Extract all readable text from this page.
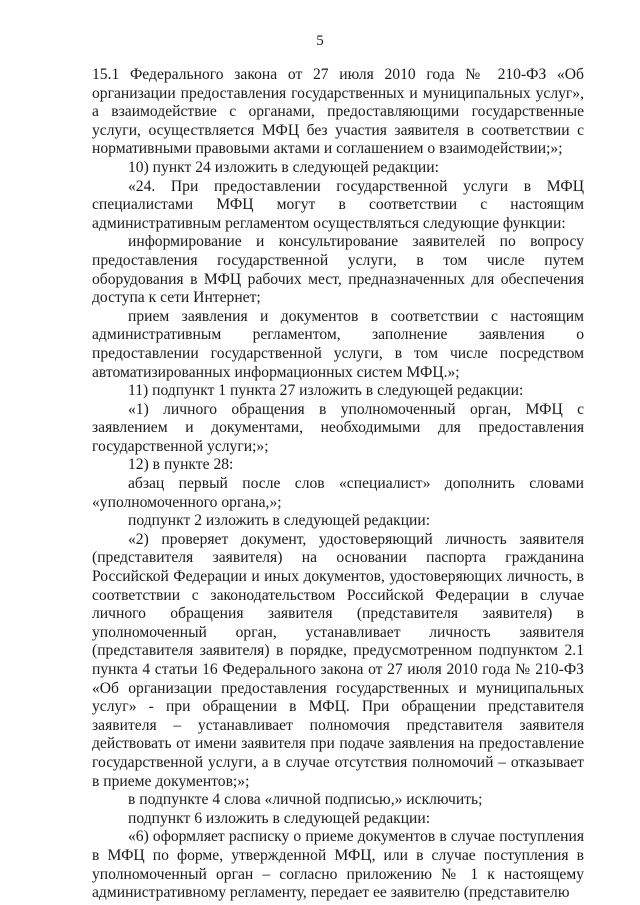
5

15.1 Федерального закона от 27 июля 2010 года № 210-ФЗ «Об организации предоставления государственных и муниципальных услуг», а взаимодействие с органами, предоставляющими государственные услуги, осуществляется МФЦ без участия заявителя в соответствии с нормативными правовыми актами и соглашением о взаимодействии;»;

10) пункт 24 изложить в следующей редакции:

«24. При предоставлении государственной услуги в МФЦ специалистами МФЦ могут в соответствии с настоящим административным регламентом осуществляться следующие функции:

информирование и консультирование заявителей по вопросу предоставления государственной услуги, в том числе путем оборудования в МФЦ рабочих мест, предназначенных для обеспечения доступа к сети Интернет;

прием заявления и документов в соответствии с настоящим административным регламентом, заполнение заявления о предоставлении государственной услуги, в том числе посредством автоматизированных информационных систем МФЦ.»;

11) подпункт 1 пункта 27 изложить в следующей редакции:

«1) личного обращения в уполномоченный орган, МФЦ с заявлением и документами, необходимыми для предоставления государственной услуги;»;

12) в пункте 28:

абзац первый после слов «специалист» дополнить словами «уполномоченного органа,»;

подпункт 2 изложить в следующей редакции:

«2) проверяет документ, удостоверяющий личность заявителя (представителя заявителя) на основании паспорта гражданина Российской Федерации и иных документов, удостоверяющих личность, в соответствии с законодательством Российской Федерации в случае личного обращения заявителя (представителя заявителя) в уполномоченный орган, устанавливает личность заявителя (представителя заявителя) в порядке, предусмотренном подпунктом 2.1 пункта 4 статьи 16 Федерального закона от 27 июля 2010 года № 210-ФЗ «Об организации предоставления государственных и муниципальных услуг» - при обращении в МФЦ. При обращении представителя заявителя – устанавливает полномочия представителя заявителя действовать от имени заявителя при подаче заявления на предоставление государственной услуги, а в случае отсутствия полномочий – отказывает в приеме документов;»;

в подпункте 4 слова «личной подписью,» исключить;

подпункт 6 изложить в следующей редакции:

«6) оформляет расписку о приеме документов в случае поступления в МФЦ по форме, утвержденной МФЦ, или в случае поступления в уполномоченный орган – согласно приложению № 1 к настоящему административному регламенту, передает ее заявителю (представителю
